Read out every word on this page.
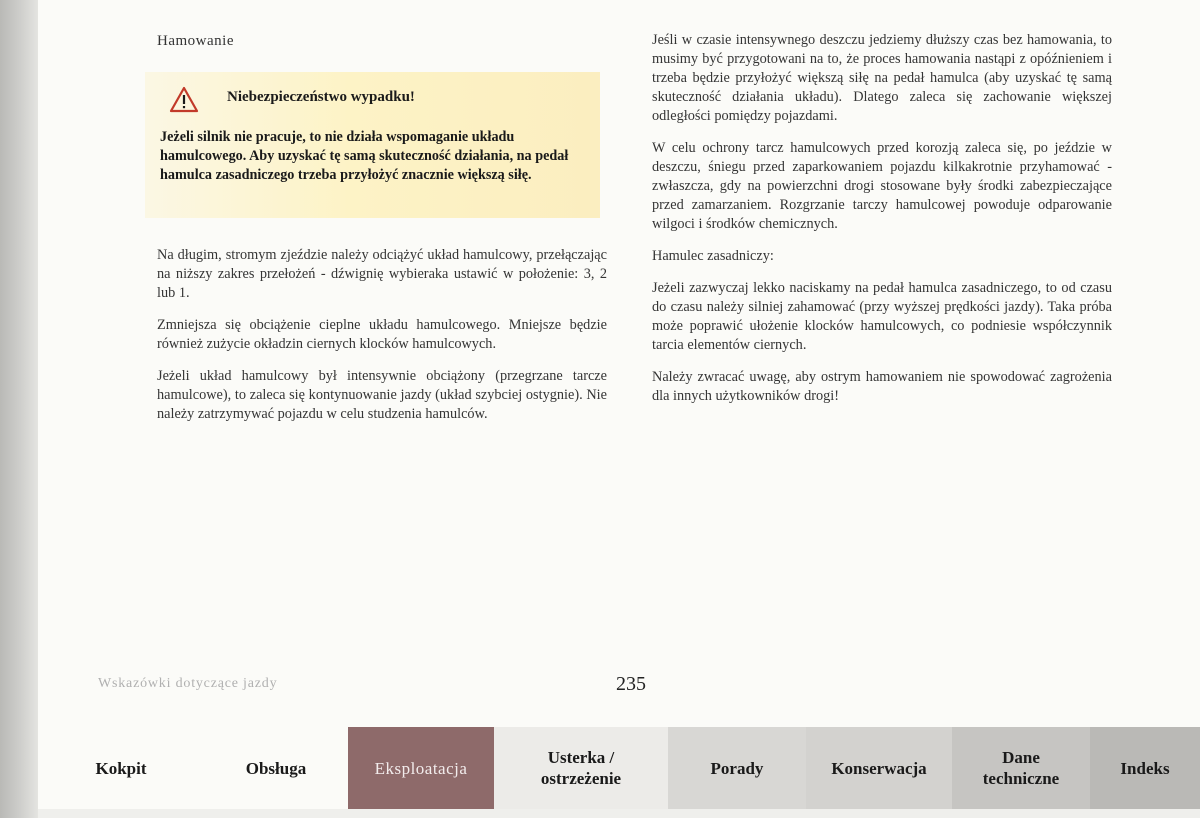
Hamowanie
Niebezpieczeństwo wypadku!

Jeżeli silnik nie pracuje, to nie działa wspomaganie układu hamulcowego. Aby uzyskać tę samą skuteczność działania, na pedał hamulca zasadniczego trzeba przyłożyć znacznie większą siłę.

Na długim, stromym zjeździe należy odciążyć układ hamulcowy, przełączając na niższy zakres przełożeń - dźwignię wybieraka ustawić w położenie: 3, 2 lub 1.

Zmniejsza się obciążenie cieplne układu hamulcowego. Mniejsze będzie również zużycie okładzin ciernych klocków hamulcowych.

Jeżeli układ hamulcowy był intensywnie obciążony (przegrzane tarcze hamulcowe), to zaleca się kontynuowanie jazdy (układ szybciej ostygnie). Nie należy zatrzymywać pojazdu w celu studzenia hamulców.

Jeśli w czasie intensywnego deszczu jedziemy dłuższy czas bez hamowania, to musimy być przygotowani na to, że proces hamowania nastąpi z opóźnieniem i trzeba będzie przyłożyć większą siłę na pedał hamulca (aby uzyskać tę samą skuteczność działania układu). Dlatego zaleca się zachowanie większej odległości pomiędzy pojazdami.

W celu ochrony tarcz hamulcowych przed korozją zaleca się, po jeździe w deszczu, śniegu przed zaparkowaniem pojazdu kilkakrotnie przyhamować - zwłaszcza, gdy na powierzchni drogi stosowane były środki zabezpieczające przed zamarzaniem. Rozgrzanie tarczy hamulcowej powoduje odparowanie wilgoci i środków chemicznych.

Hamulec zasadniczy:

Jeżeli zazwyczaj lekko naciskamy na pedał hamulca zasadniczego, to od czasu do czasu należy silniej zahamować (przy wyższej prędkości jazdy). Taka próba może poprawić ułożenie klocków hamulcowych, co podniesie współczynnik tarcia elementów ciernych.

Należy zwracać uwagę, aby ostrym hamowaniem nie spowodować zagrożenia dla innych użytkowników drogi!

Wskazówki dotyczące jazdy	235
Kokpit	Obsługa	Eksploatacja
Usterka /
ostrzeżenie
Porady	Konserwacja
Dane
techniczne
Indeks
